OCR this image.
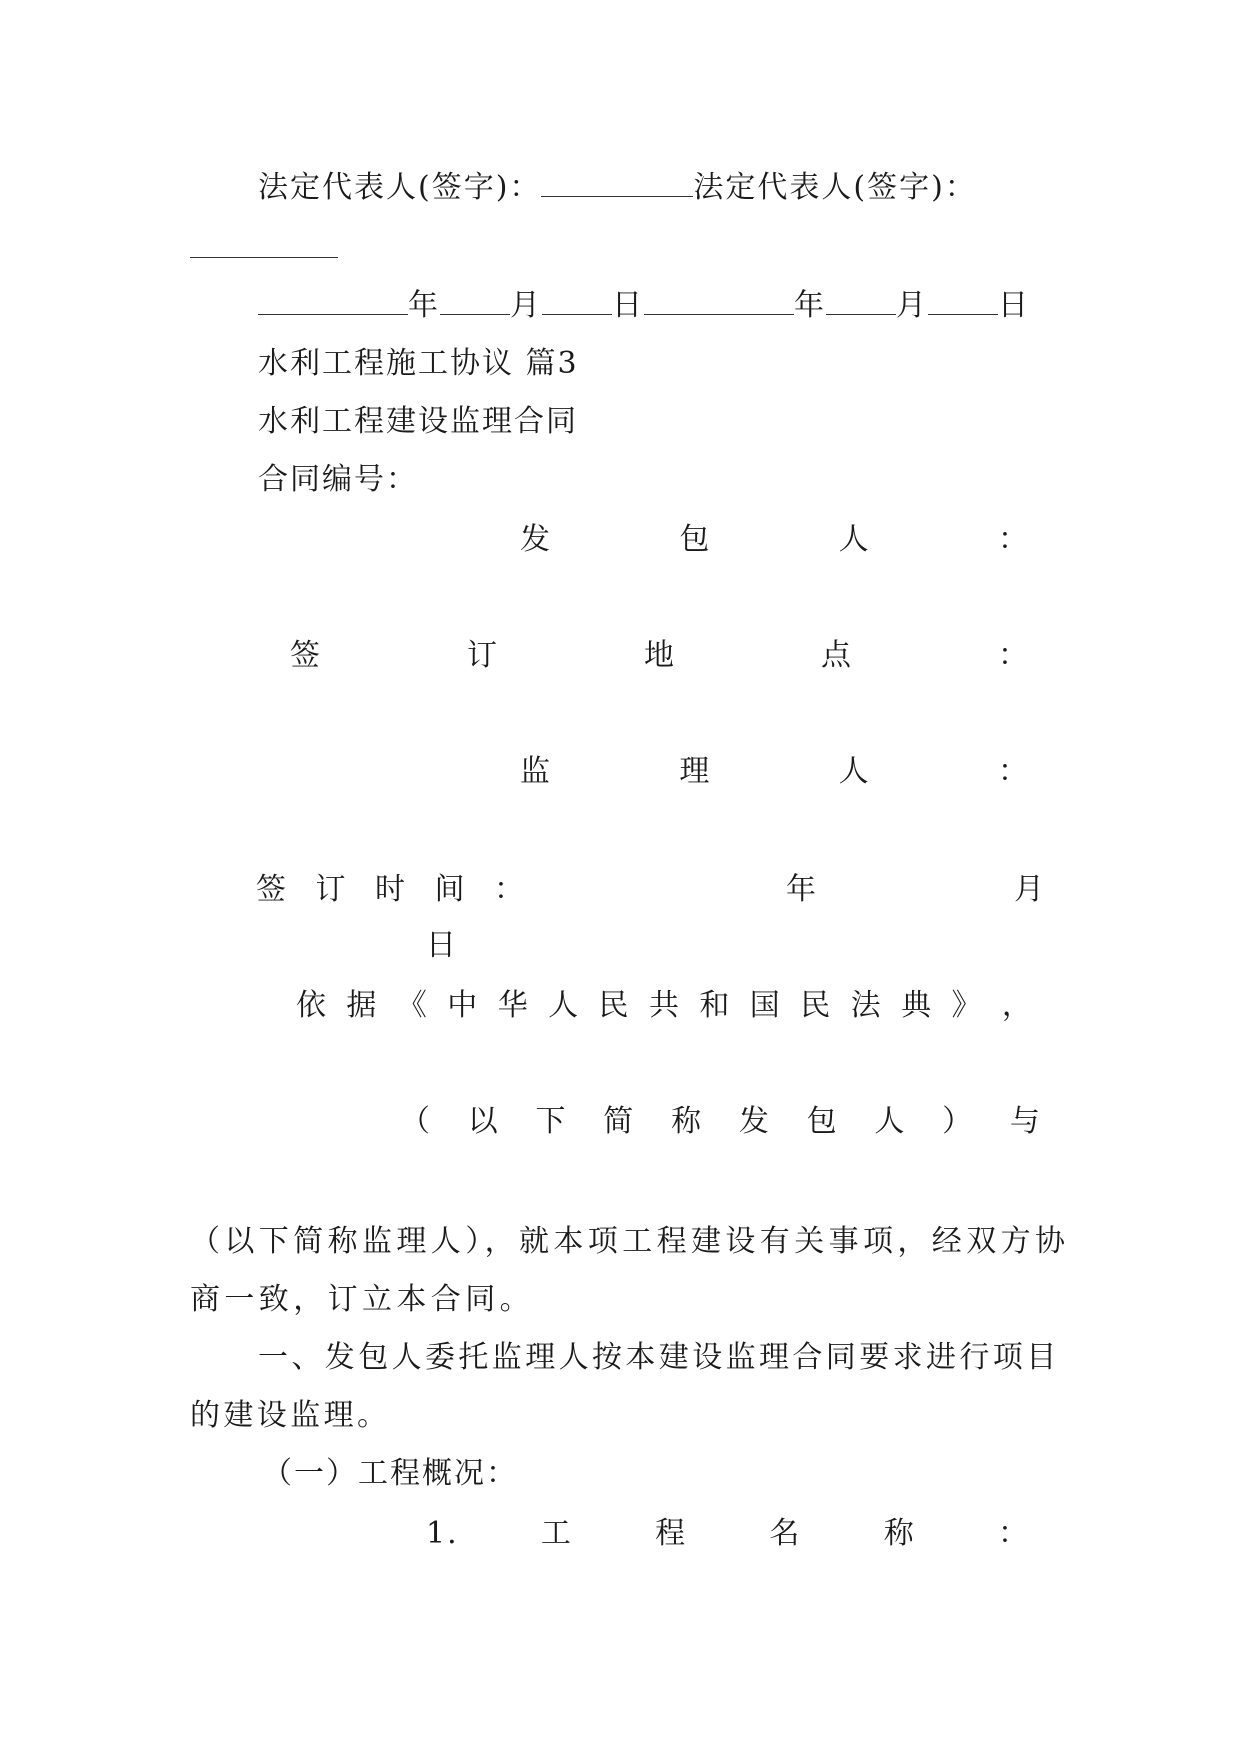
法定代表人(签字)：	法定代表人(签字)：
年 月 日	年 月 日
水利工程施工协议 篇3
水利工程建设监理合同
合同编号：
发	包	人	：
签	订	地	点	：
监	理	人	：
签 订 时 间 ：	年	月
日
依 据 《 中 华 人 民 共 和 国 民 法 典 》 ，
（ 以 下 简 称 发 包 人 ） 与
（以下简称监理人），就本项工程建设有关事项，经双方协
商一致，订立本合同。
一、发包人委托监理人按本建设监理合同要求进行项目
的建设监理。
（一）工程概况：
1.	工	程	名	称	：
